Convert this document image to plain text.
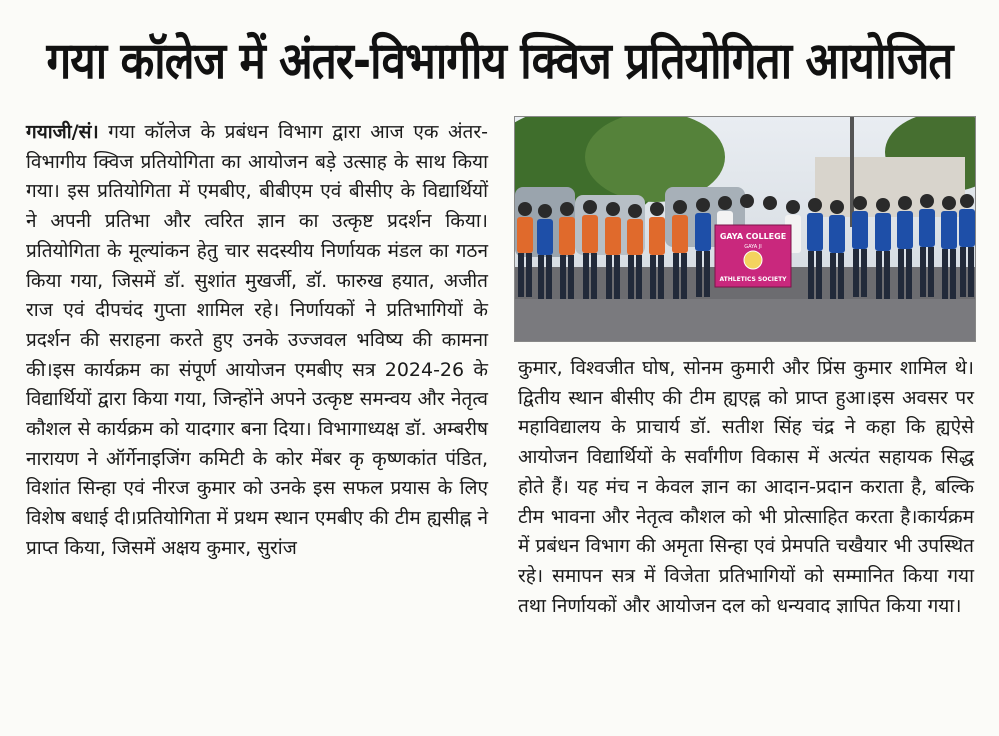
गया कॉलेज में अंतर-विभागीय क्विज प्रतियोगिता आयोजित

गयाजी/सं। गया कॉलेज के प्रबंधन विभाग द्वारा आज एक अंतर-विभागीय क्विज प्रतियोगिता का आयोजन बड़े उत्साह के साथ किया गया। इस प्रतियोगिता में एमबीए, बीबीएम एवं बीसीए के विद्यार्थियों ने अपनी प्रतिभा और त्वरित ज्ञान का उत्कृष्ट प्रदर्शन किया।प्रतियोगिता के मूल्यांकन हेतु चार सदस्यीय निर्णायक मंडल का गठन किया गया, जिसमें डॉ. सुशांत मुखर्जी, डॉ. फारुख हयात, अजीत राज एवं दीपचंद गुप्ता शामिल रहे। निर्णायकों ने प्रतिभागियों के प्रदर्शन की सराहना करते हुए उनके उज्जवल भविष्य की कामना की।इस कार्यक्रम का संपूर्ण आयोजन एमबीए सत्र 2024-26 के विद्यार्थियों द्वारा किया गया, जिन्होंने अपने उत्कृष्ट समन्वय और नेतृत्व कौशल से कार्यक्रम को यादगार बना दिया। विभागाध्यक्ष डॉ. अम्बरीष नारायण ने ऑर्गेनाइजिंग कमिटी के कोर मेंबर कृ कृष्णकांत पंडित, विशांत सिन्हा एवं नीरज कुमार को उनके इस सफल प्रयास के लिए विशेष बधाई दी।प्रतियोगिता में प्रथम स्थान एमबीए की टीम ह्यसीह्न ने प्राप्त किया, जिसमें अक्षय कुमार, सुरांज

GAYA COLLEGE
GAYA JI
ATHLETICS SOCIETY

कुमार, विश्वजीत घोष, सोनम कुमारी और प्रिंस कुमार शामिल थे। द्वितीय स्थान बीसीए की टीम ह्यएह्न को प्राप्त हुआ।इस अवसर पर महाविद्यालय के प्राचार्य डॉ. सतीश सिंह चंद्र ने कहा कि ह्यऐसे आयोजन विद्यार्थियों के सर्वांगीण विकास में अत्यंत सहायक सिद्ध होते हैं। यह मंच न केवल ज्ञान का आदान-प्रदान कराता है, बल्कि टीम भावना और नेतृत्व कौशल को भी प्रोत्साहित करता है।कार्यक्रम में प्रबंधन विभाग की अमृता सिन्हा एवं प्रेमपति चखैयार भी उपस्थित रहे। समापन सत्र में विजेता प्रतिभागियों को सम्मानित किया गया तथा निर्णायकों और आयोजन दल को धन्यवाद ज्ञापित किया गया।
